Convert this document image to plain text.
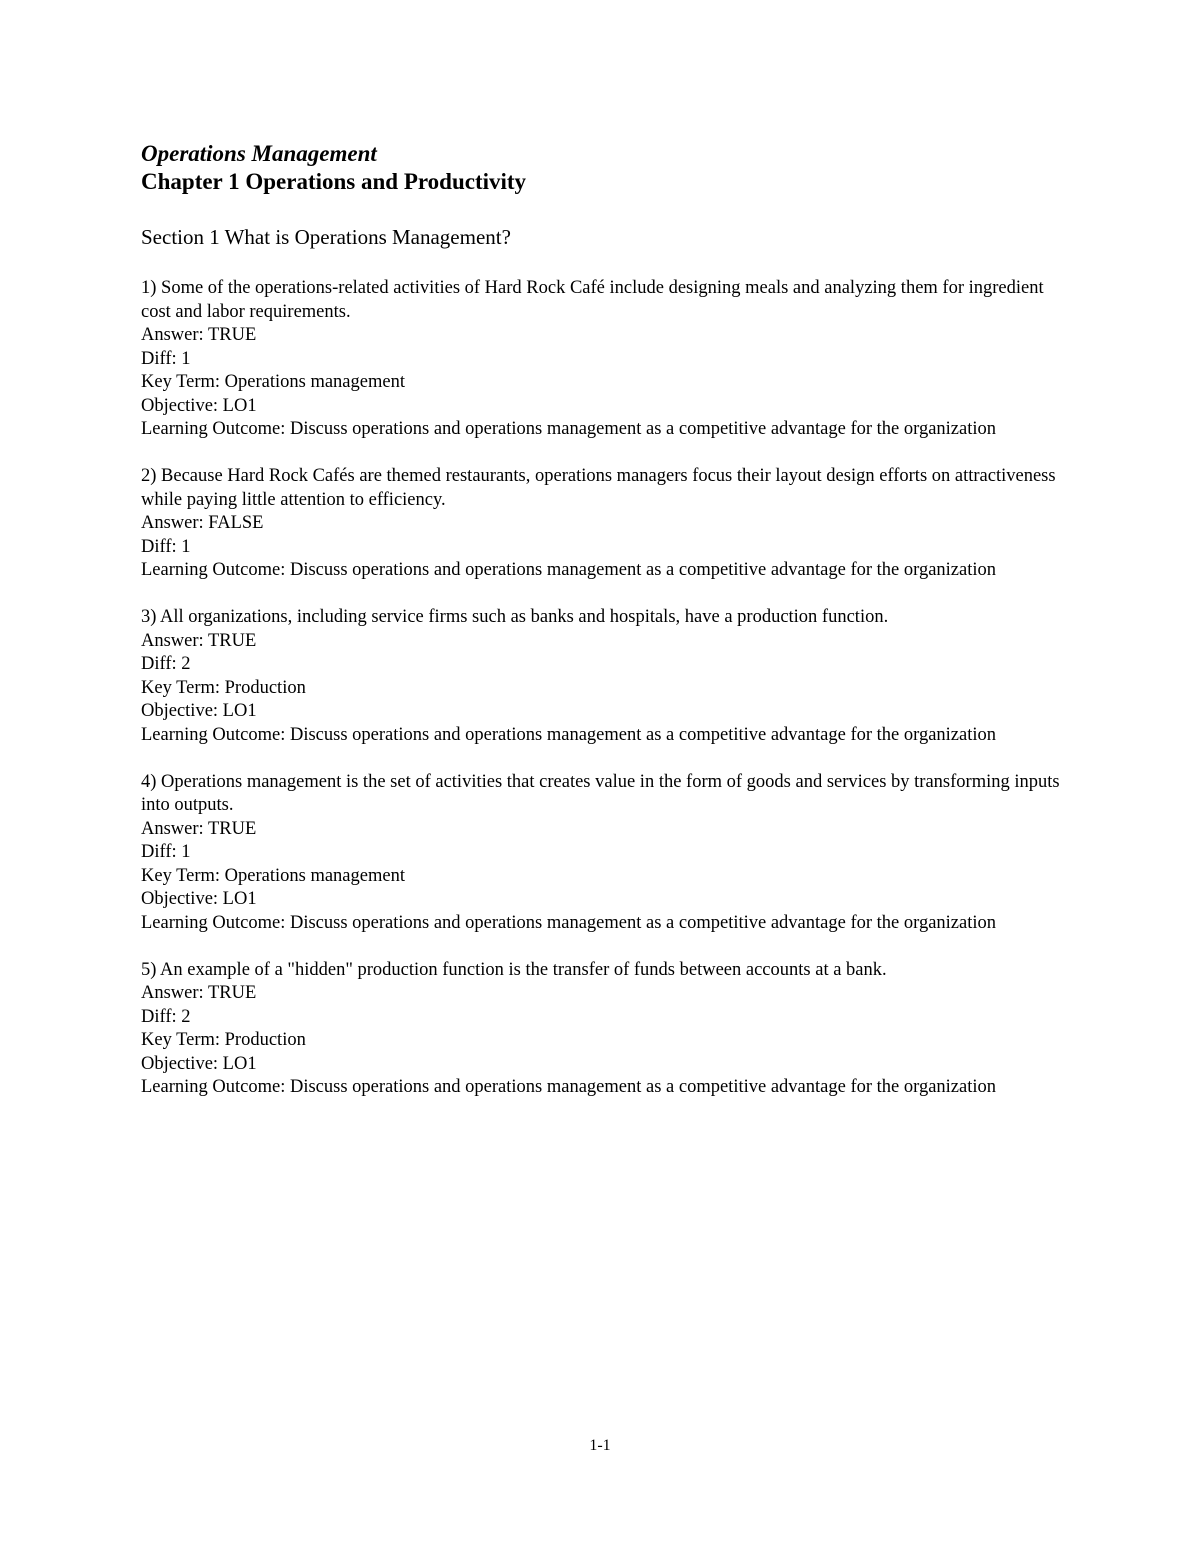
Operations Management

Chapter 1 Operations and Productivity

Section 1 What is Operations Management?

1) Some of the operations-related activities of Hard Rock Café include designing meals and analyzing them for ingredient cost and labor requirements.
Answer: TRUE
Diff: 1
Key Term: Operations management
Objective: LO1
Learning Outcome: Discuss operations and operations management as a competitive advantage for the organization
2) Because Hard Rock Cafés are themed restaurants, operations managers focus their layout design efforts on attractiveness while paying little attention to efficiency.
Answer: FALSE
Diff: 1
Learning Outcome: Discuss operations and operations management as a competitive advantage for the organization
3) All organizations, including service firms such as banks and hospitals, have a production function.
Answer: TRUE
Diff: 2
Key Term: Production
Objective: LO1
Learning Outcome: Discuss operations and operations management as a competitive advantage for the organization
4) Operations management is the set of activities that creates value in the form of goods and services by transforming inputs into outputs.
Answer: TRUE
Diff: 1
Key Term: Operations management
Objective: LO1
Learning Outcome: Discuss operations and operations management as a competitive advantage for the organization
5) An example of a "hidden" production function is the transfer of funds between accounts at a bank.
Answer: TRUE
Diff: 2
Key Term: Production
Objective: LO1
Learning Outcome: Discuss operations and operations management as a competitive advantage for the organization
1-1
